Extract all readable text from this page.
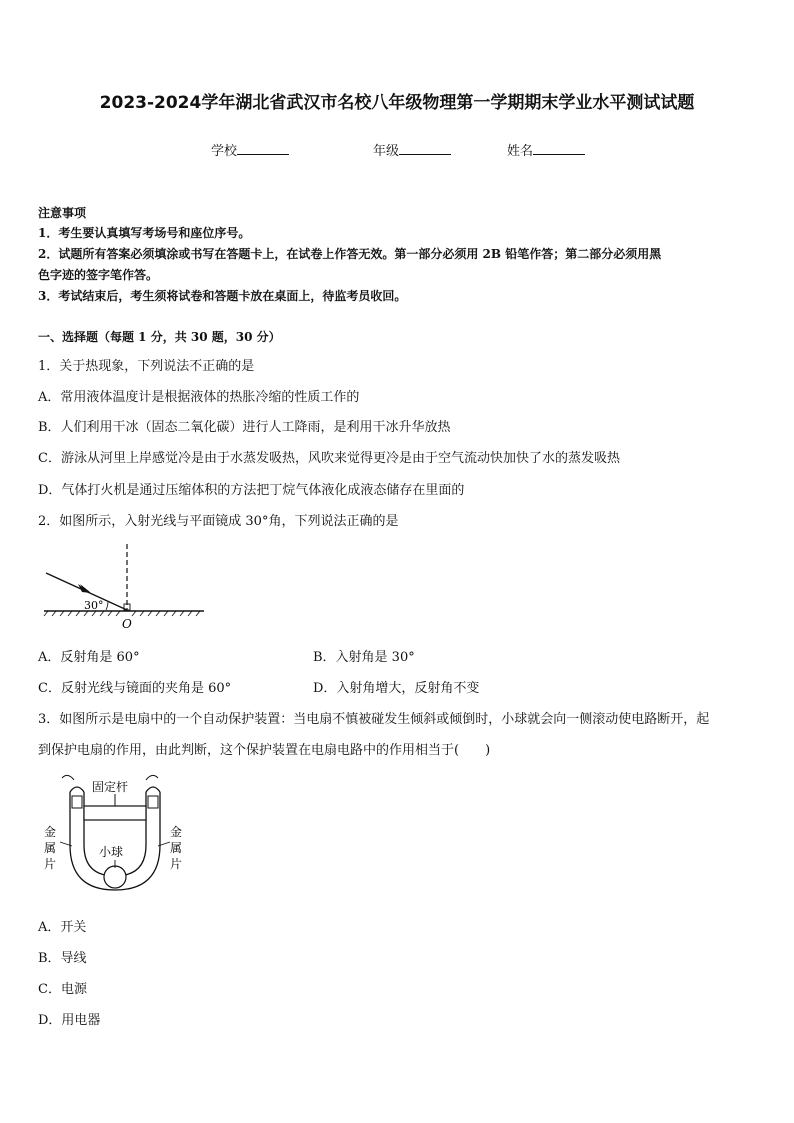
2023-2024学年湖北省武汉市名校八年级物理第一学期期末学业水平测试试题
学校	年级	姓名
注意事项
1．考生要认真填写考场号和座位序号。
2．试题所有答案必须填涂或书写在答题卡上，在试卷上作答无效。第一部分必须用 2B 铅笔作答；第二部分必须用黑
色字迹的签字笔作答。
3．考试结束后，考生须将试卷和答题卡放在桌面上，待监考员收回。
一、选择题（每题 1 分，共 30 题，30 分）
1．关于热现象，下列说法不正确的是
A．常用液体温度计是根据液体的热胀冷缩的性质工作的
B．人们利用干冰（固态二氧化碳）进行人工降雨，是利用干冰升华放热
C．游泳从河里上岸感觉冷是由于水蒸发吸热，风吹来觉得更冷是由于空气流动快加快了水的蒸发吸热
D．气体打火机是通过压缩体积的方法把丁烷气体液化成液态储存在里面的
2．如图所示，入射光线与平面镜成 30°角，下列说法正确的是
30°
O
A．反射角是 60°	B．入射角是 30°
C．反射光线与镜面的夹角是 60°	D．入射角增大，反射角不变
3．如图所示是电扇中的一个自动保护装置：当电扇不慎被碰发生倾斜或倾倒时，小球就会向一侧滚动使电路断开，起
到保护电扇的作用，由此判断，这个保护装置在电扇电路中的作用相当于(　　)
固定杆
小球
金
属
片
金
属
片
A．开关
B．导线
C．电源
D．用电器
